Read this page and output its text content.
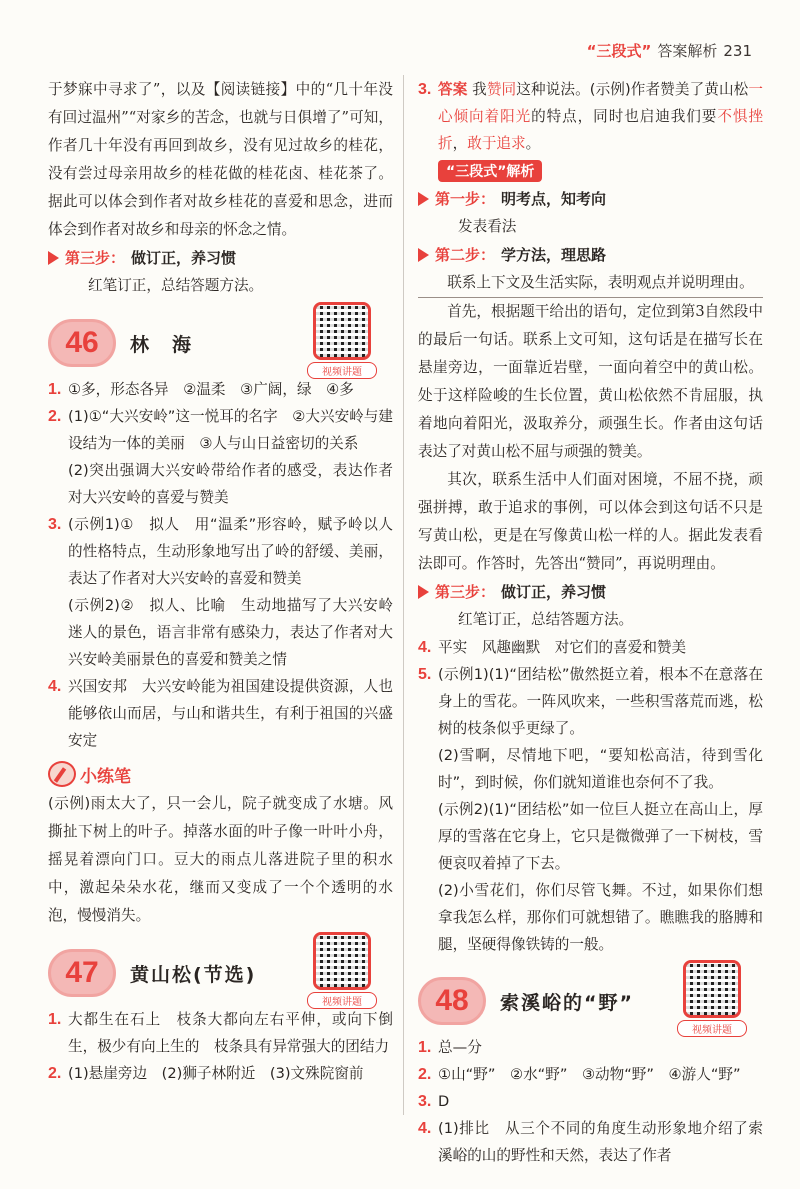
“三段式” 答案解析 231

于梦寐中寻求了”，以及【阅读链接】中的“几十年没有回过温州”“对家乡的苦念，也就与日俱增了”可知，作者几十年没有再回到故乡，没有见过故乡的桂花，没有尝过母亲用故乡的桂花做的桂花卤、桂花茶了。据此可以体会到作者对故乡桂花的喜爱和思念，进而体会到作者对故乡和母亲的怀念之情。

第三步： 做订正，养习惯
红笔订正，总结答题方法。
46	林　海
视频讲题
1. ①多，形态各异　②温柔　③广阔，绿　④多

2. (1)①“大兴安岭”这一悦耳的名字　②大兴安岭与建设结为一体的美丽　③人与山日益密切的关系

(2)突出强调大兴安岭带给作者的感受，表达作者对大兴安岭的喜爱与赞美

3. (示例1)①　拟人　用“温柔”形容岭，赋予岭以人的性格特点，生动形象地写出了岭的舒缓、美丽，表达了作者对大兴安岭的喜爱和赞美

(示例2)②　拟人、比喻　生动地描写了大兴安岭迷人的景色，语言非常有感染力，表达了作者对大兴安岭美丽景色的喜爱和赞美之情

4. 兴国安邦　大兴安岭能为祖国建设提供资源，人也能够依山而居，与山和谐共生，有利于祖国的兴盛安定

小练笔

(示例)雨太大了，只一会儿，院子就变成了水塘。风撕扯下树上的叶子。掉落水面的叶子像一叶叶小舟，摇晃着漂向门口。豆大的雨点儿落进院子里的积水中，激起朵朵水花，继而又变成了一个个透明的水泡，慢慢消失。

47	黄山松(节选)
视频讲题
1. 大都生在石上　枝条大都向左右平伸，或向下倒生，极少有向上生的　枝条具有异常强大的团结力

2. (1)悬崖旁边　(2)狮子林附近　(3)文殊院窗前

3. 答案 我赞同这种说法。(示例)作者赞美了黄山松一心倾向着阳光的特点，同时也启迪我们要不惧挫折，敢于追求。
“三段式”解析
第一步： 明考点，知考向
发表看法
第二步： 学方法，理思路
联系上下文及生活实际，表明观点并说明理由。

首先，根据题干给出的语句，定位到第3自然段中的最后一句话。联系上文可知，这句话是在描写长在悬崖旁边，一面靠近岩壁，一面向着空中的黄山松。处于这样险峻的生长位置，黄山松依然不肯屈服，执着地向着阳光，汲取养分，顽强生长。作者由这句话表达了对黄山松不屈与顽强的赞美。

其次，联系生活中人们面对困境，不屈不挠，顽强拼搏，敢于追求的事例，可以体会到这句话不只是写黄山松，更是在写像黄山松一样的人。据此发表看法即可。作答时，先答出“赞同”，再说明理由。

第三步： 做订正，养习惯
红笔订正，总结答题方法。
4. 平实　风趣幽默　对它们的喜爱和赞美

5. (示例1)(1)“团结松”傲然挺立着，根本不在意落在身上的雪花。一阵风吹来，一些积雪落荒而逃，松树的枝条似乎更绿了。

(2)雪啊，尽情地下吧，“要知松高洁，待到雪化时”，到时候，你们就知道谁也奈何不了我。

(示例2)(1)“团结松”如一位巨人挺立在高山上，厚厚的雪落在它身上，它只是微微弹了一下树枝，雪便哀叹着掉了下去。

(2)小雪花们，你们尽管飞舞。不过，如果你们想拿我怎么样，那你们可就想错了。瞧瞧我的胳膊和腿，坚硬得像铁铸的一般。

48	索溪峪的“野”
视频讲题
1. 总—分

2. ①山“野”　②水“野”　③动物“野”　④游人“野”

3. D

4. (1)排比　从三个不同的角度生动形象地介绍了索溪峪的山的野性和天然，表达了作者
